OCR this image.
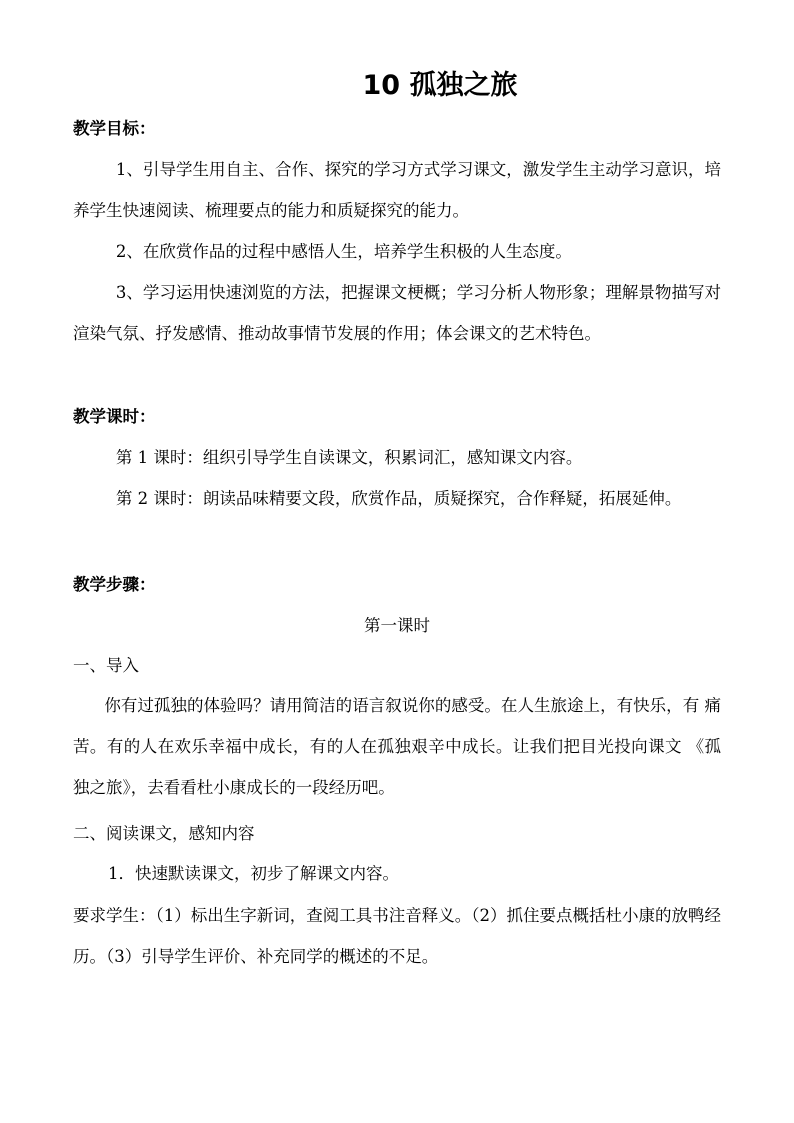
10 孤独之旅
教学目标：

1、引导学生用自主、合作、探究的学习方式学习课文，激发学生主动学习意识，培养学生快速阅读、梳理要点的能力和质疑探究的能力。

2、在欣赏作品的过程中感悟人生，培养学生积极的人生态度。

3、学习运用快速浏览的方法，把握课文梗概；学习分析人物形象；理解景物描写对渲染气氛、抒发感情、推动故事情节发展的作用；体会课文的艺术特色。

教学课时：

第 1 课时：组织引导学生自读课文，积累词汇，感知课文内容。

第 2 课时：朗读品味精要文段，欣赏作品，质疑探究，合作释疑，拓展延伸。

教学步骤：
第一课时
一、导入

你有过孤独的体验吗？请用简洁的语言叙说你的感受。在人生旅途上，有快乐，有 痛苦。有的人在欢乐幸福中成长，有的人在孤独艰辛中成长。让我们把目光投向课文 《孤独之旅》，去看看杜小康成长的一段经历吧。

二、阅读课文，感知内容
1．快速默读课文，初步了解课文内容。

要求学生：（1）标出生字新词，查阅工具书注音释义。（2）抓住要点概括杜小康的放鸭经历。（3）引导学生评价、补充同学的概述的不足。
